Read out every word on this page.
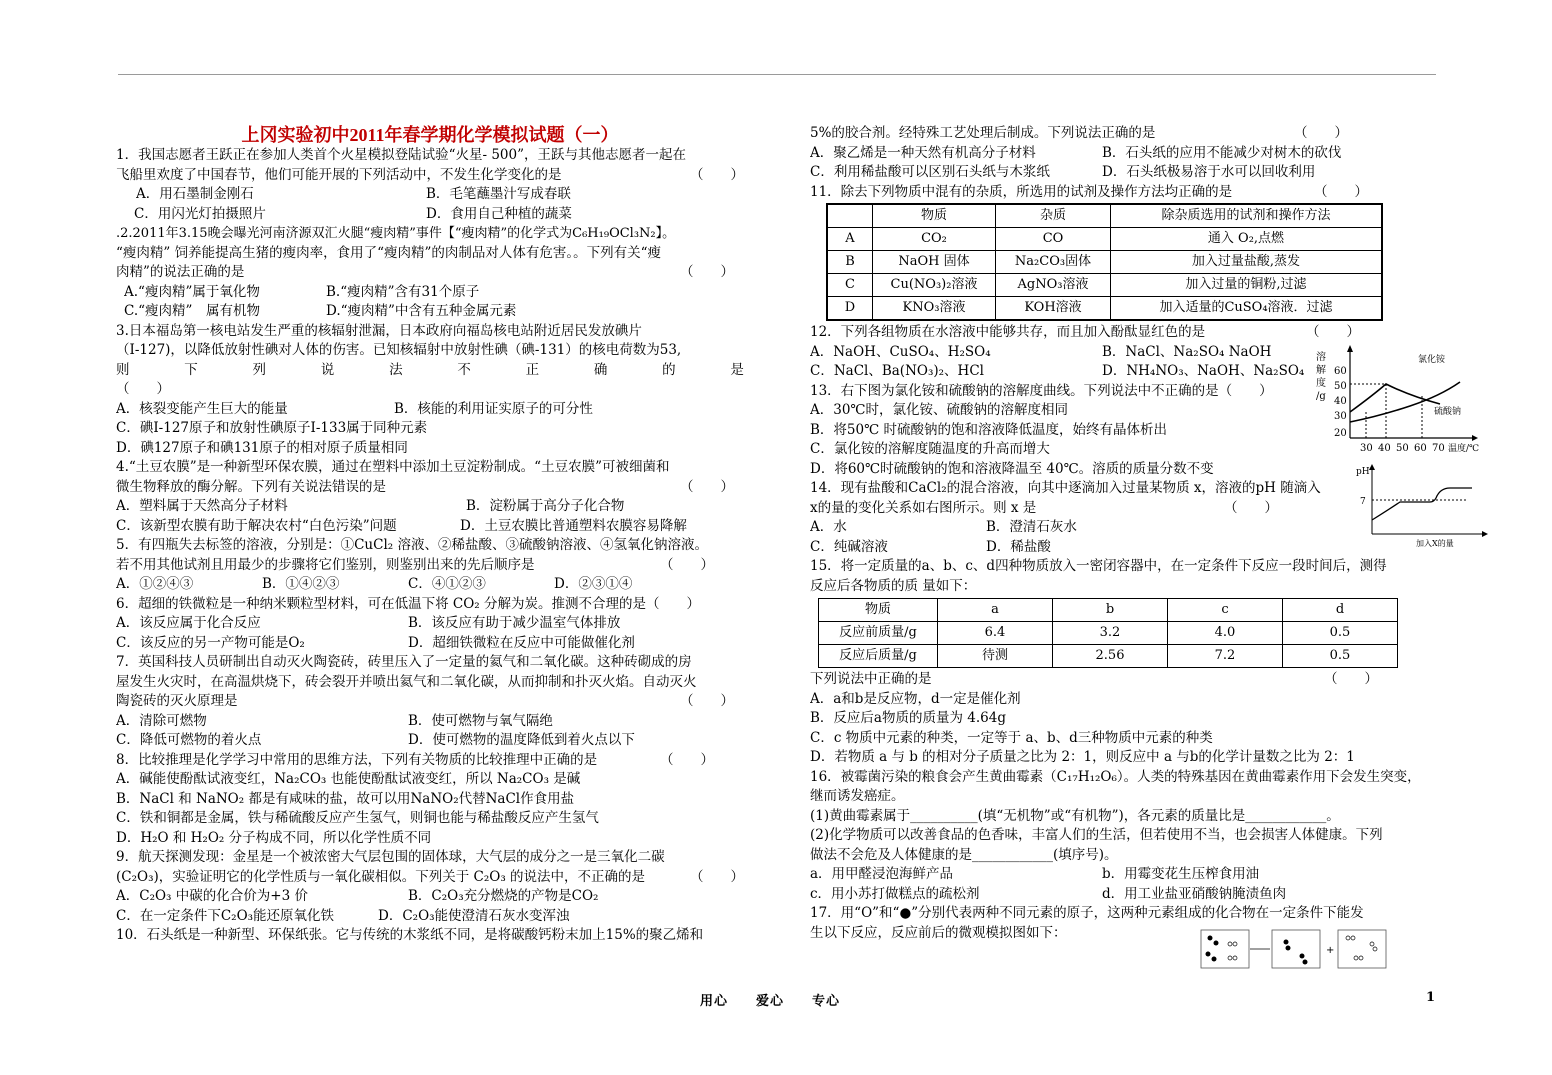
上冈实验初中2011年春学期化学模拟试题（一）
1．我国志愿者王跃正在参加人类首个火星模拟登陆试验“火星- 500”，王跃与其他志愿者一起在
飞船里欢度了中国春节，他们可能开展的下列活动中，不发生化学变化的是	（　　）
A．用石墨制金刚石	B．毛笔蘸墨汁写成春联
C．用闪光灯拍摄照片	D．食用自己种植的蔬菜
.2.2011年3.15晚会曝光河南济源双汇火腿“瘦肉精”事件【“瘦肉精”的化学式为C₆H₁₉OCl₃N₂】。
“瘦肉精” 饲养能提高生猪的瘦肉率，食用了“瘦肉精”的肉制品对人体有危害。。下列有关“瘦
肉精”的说法正确的是	（　　）
A.“瘦肉精”属于氧化物	B.“瘦肉精”含有31个原子
C.“瘦肉精”　属有机物	D.“瘦肉精”中含有五种金属元素
3.日本福岛第一核电站发生严重的核辐射泄漏，日本政府向福岛核电站附近居民发放碘片
（I-127)，以降低放射性碘对人体的伤害。已知核辐射中放射性碘（碘-131）的核电荷数为53,
则	下	列	说	法	不	正	确	的	是
（　　）
A．核裂变能产生巨大的能量	B．核能的利用证实原子的可分性
C．碘I-127原子和放射性碘原子I-133属于同种元素
D．碘127原子和碘131原子的相对原子质量相同
4.“土豆农膜”是一种新型环保农膜，通过在塑料中添加土豆淀粉制成。“土豆农膜”可被细菌和
微生物释放的酶分解。下列有关说法错误的是	（　　）
A．塑料属于天然高分子材料	B．淀粉属于高分子化合物
C．该新型农膜有助于解决农村“白色污染”问题	D．土豆农膜比普通塑料农膜容易降解
5．有四瓶失去标签的溶液，分别是：①CuCl₂ 溶液、②稀盐酸、③硫酸钠溶液、④氢氧化钠溶液。
若不用其他试剂且用最少的步骤将它们鉴别，则鉴别出来的先后顺序是	（　　）
A．①②④③	B．①④②③	C．④①②③	D．②③①④
6．超细的铁微粒是一种纳米颗粒型材料，可在低温下将 CO₂ 分解为炭。推测不合理的是（　　）
A．该反应属于化合反应	B．该反应有助于减少温室气体排放
C．该反应的另一产物可能是O₂	D．超细铁微粒在反应中可能做催化剂
7．英国科技人员研制出自动灭火陶瓷砖，砖里压入了一定量的氦气和二氧化碳。这种砖砌成的房
屋发生火灾时，在高温烘烧下，砖会裂开并喷出氦气和二氧化碳，从而抑制和扑灭火焰。自动灭火
陶瓷砖的灭火原理是	（　　）
A．清除可燃物	B．使可燃物与氧气隔绝
C．降低可燃物的着火点	D．使可燃物的温度降低到着火点以下
8．比较推理是化学学习中常用的思维方法，下列有关物质的比较推理中正确的是	（　　）
A．碱能使酚酞试液变红，Na₂CO₃ 也能使酚酞试液变红，所以 Na₂CO₃ 是碱
B．NaCl 和 NaNO₂ 都是有咸味的盐，故可以用NaNO₂代替NaCl作食用盐
C．铁和铜都是金属，铁与稀硫酸反应产生氢气，则铜也能与稀盐酸反应产生氢气
D．H₂O 和 H₂O₂ 分子构成不同，所以化学性质不同
9．航天探测发现：金星是一个被浓密大气层包围的固体球，大气层的成分之一是三氧化二碳
(C₂O₃)，实验证明它的化学性质与一氧化碳相似。下列关于 C₂O₃ 的说法中，不正确的是	（　　）
A．C₂O₃ 中碳的化合价为+3 价	B．C₂O₃充分燃烧的产物是CO₂
C．在一定条件下C₂O₃能还原氧化铁	D．C₂O₃能使澄清石灰水变浑浊
10．石头纸是一种新型、环保纸张。它与传统的木浆纸不同，是将碳酸钙粉末加上15%的聚乙烯和
5%的胶合剂。经特殊工艺处理后制成。下列说法正确的是	（　　）
A．聚乙烯是一种天然有机高分子材料	B．石头纸的应用不能减少对树木的砍伐
C．利用稀盐酸可以区别石头纸与木浆纸	D．石头纸极易溶于水可以回收利用
11．除去下列物质中混有的杂质，所选用的试剂及操作方法均正确的是	（　　）
	物质	杂质	除杂质选用的试剂和操作方法
A	CO₂	CO	通入 O₂,点燃
B	NaOH 固体	Na₂CO₃固体	加入过量盐酸,蒸发
C	Cu(NO₃)₂溶液	AgNO₃溶液	加入过量的铜粉,过滤
D	KNO₃溶液	KOH溶液	加入适量的CuSO₄溶液．过滤
12．下列各组物质在水溶液中能够共存，而且加入酚酞显红色的是	（　　）
A．NaOH、CuSO₄、H₂SO₄	B．NaCl、Na₂SO₄ NaOH
C．NaCl、Ba(NO₃)₂、HCl	D．NH₄NO₃、NaOH、Na₂SO₄
13．右下图为氯化铵和硫酸钠的溶解度曲线。下列说法中不正确的是（　　）
A．30℃时，氯化铵、硫酸钠的溶解度相同
B．将50℃ 时硫酸钠的饱和溶液降低温度，始终有晶体析出
C．氯化铵的溶解度随温度的升高而增大
D．将60℃时硫酸钠的饱和溶液降温至 40℃。溶质的质量分数不变
14．现有盐酸和CaCl₂的混合溶液，向其中逐滴加入过量某物质 x，溶液的pH 随滴入
x的量的变化关系如右图所示。则 x 是	（　　）
A．水	B．澄清石灰水
C．纯碱溶液	D．稀盐酸
15．将一定质量的a、b、c、d四种物质放入一密闭容器中，在一定条件下反应一段时间后，测得
反应后各物质的质 量如下：
物质	a	b	c	d
反应前质量/g	6.4	3.2	4.0	0.5
反应后质量/g	待测	2.56	7.2	0.5
下列说法中正确的是	（　　）
A．a和b是反应物，d一定是催化剂
B．反应后a物质的质量为 4.64g
C．c 物质中元素的种类，一定等于 a、b、d三种物质中元素的种类
D．若物质 a 与 b 的相对分子质量之比为 2：1，则反应中 a 与b的化学计量数之比为 2：1
16．被霉菌污染的粮食会产生黄曲霉素（C₁₇H₁₂O₆）。人类的特殊基因在黄曲霉素作用下会发生突变，
继而诱发癌症。
(1)黄曲霉素属于__________(填“无机物”或“有机物”)，各元素的质量比是____________。
(2)化学物质可以改善食品的色香味，丰富人们的生活，但若使用不当，也会损害人体健康。下列
做法不会危及人体健康的是____________(填序号)。
a．用甲醛浸泡海鲜产品	b．用霉变花生压榨食用油
c．用小苏打做糕点的疏松剂	d．用工业盐亚硝酸钠腌渍鱼肉
17．用“O”和“●”分别代表两种不同元素的原子，这两种元素组成的化合物在一定条件下能发
生以下反应，反应前后的微观模拟图如下：
溶
解
度
/g
60
50
40
30
20
30 40 50 60 70 温度/℃
氯化铵
硫酸钠
pH
7
加入X的量
+
用心 爱心 专心	1
